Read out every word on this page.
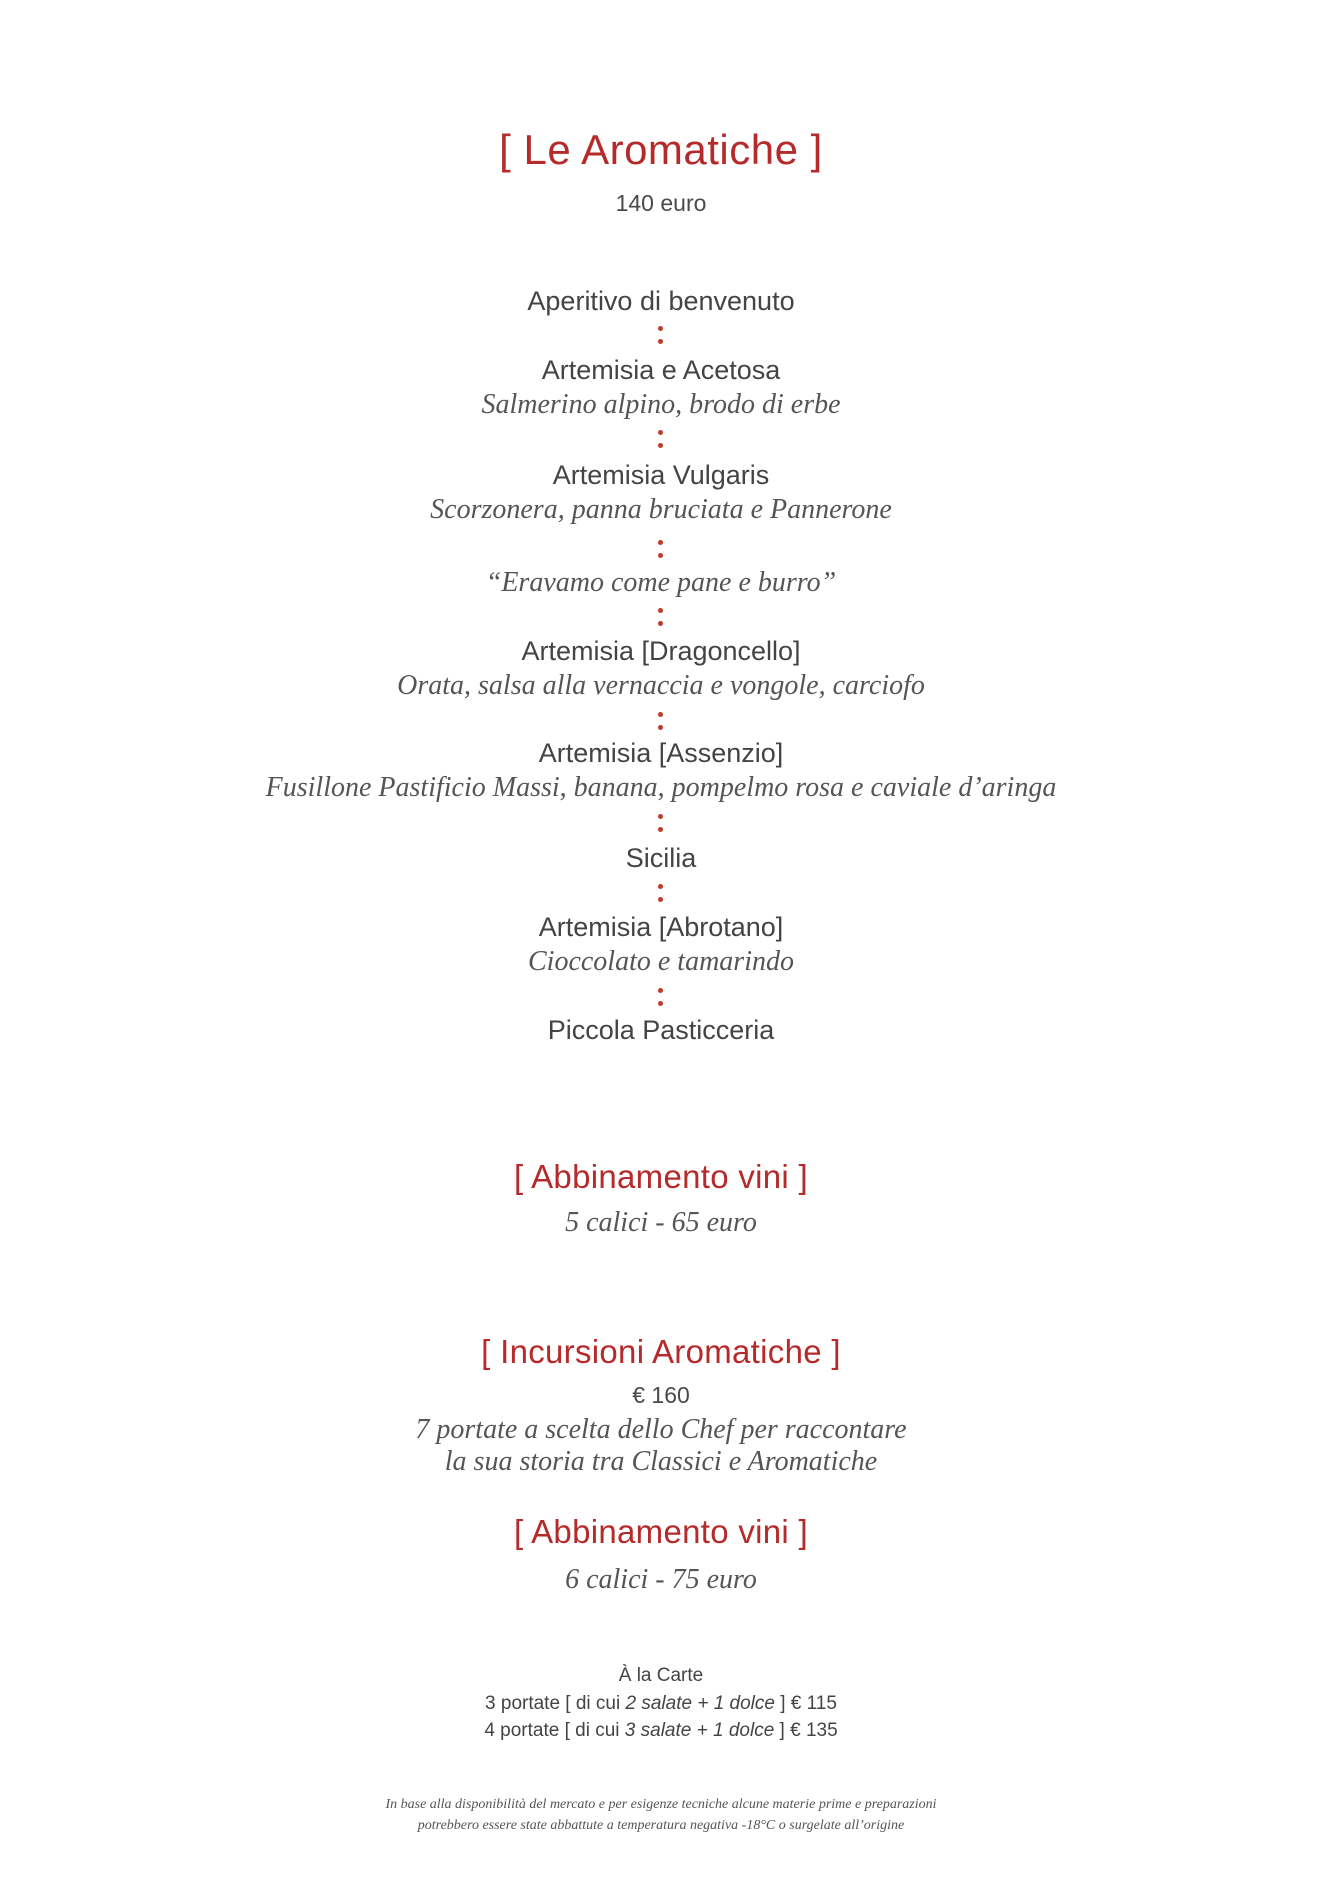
[ Le Aromatiche ]
140 euro
Aperitivo di benvenuto
Artemisia e Acetosa
Salmerino alpino, brodo di erbe
Artemisia Vulgaris
Scorzonera, panna bruciata e Pannerone
“Eravamo come pane e burro”
Artemisia [Dragoncello]
Orata, salsa alla vernaccia e vongole, carciofo
Artemisia [Assenzio]
Fusillone Pastificio Massi, banana, pompelmo rosa e caviale d’aringa
Sicilia
Artemisia [Abrotano]
Cioccolato e tamarindo
Piccola Pasticceria
[ Abbinamento vini ]
5 calici - 65 euro
[ Incursioni Aromatiche ]
€ 160
7 portate a scelta dello Chef per raccontare
la sua storia tra Classici e Aromatiche
[ Abbinamento vini ]
6 calici - 75 euro
À la Carte
3 portate [ di cui 2 salate + 1 dolce ] € 115
4 portate [ di cui 3 salate + 1 dolce ] € 135
In base alla disponibilità del mercato e per esigenze tecniche alcune materie prime e preparazioni
potrebbero essere state abbattute a temperatura negativa -18°C o surgelate all’origine
